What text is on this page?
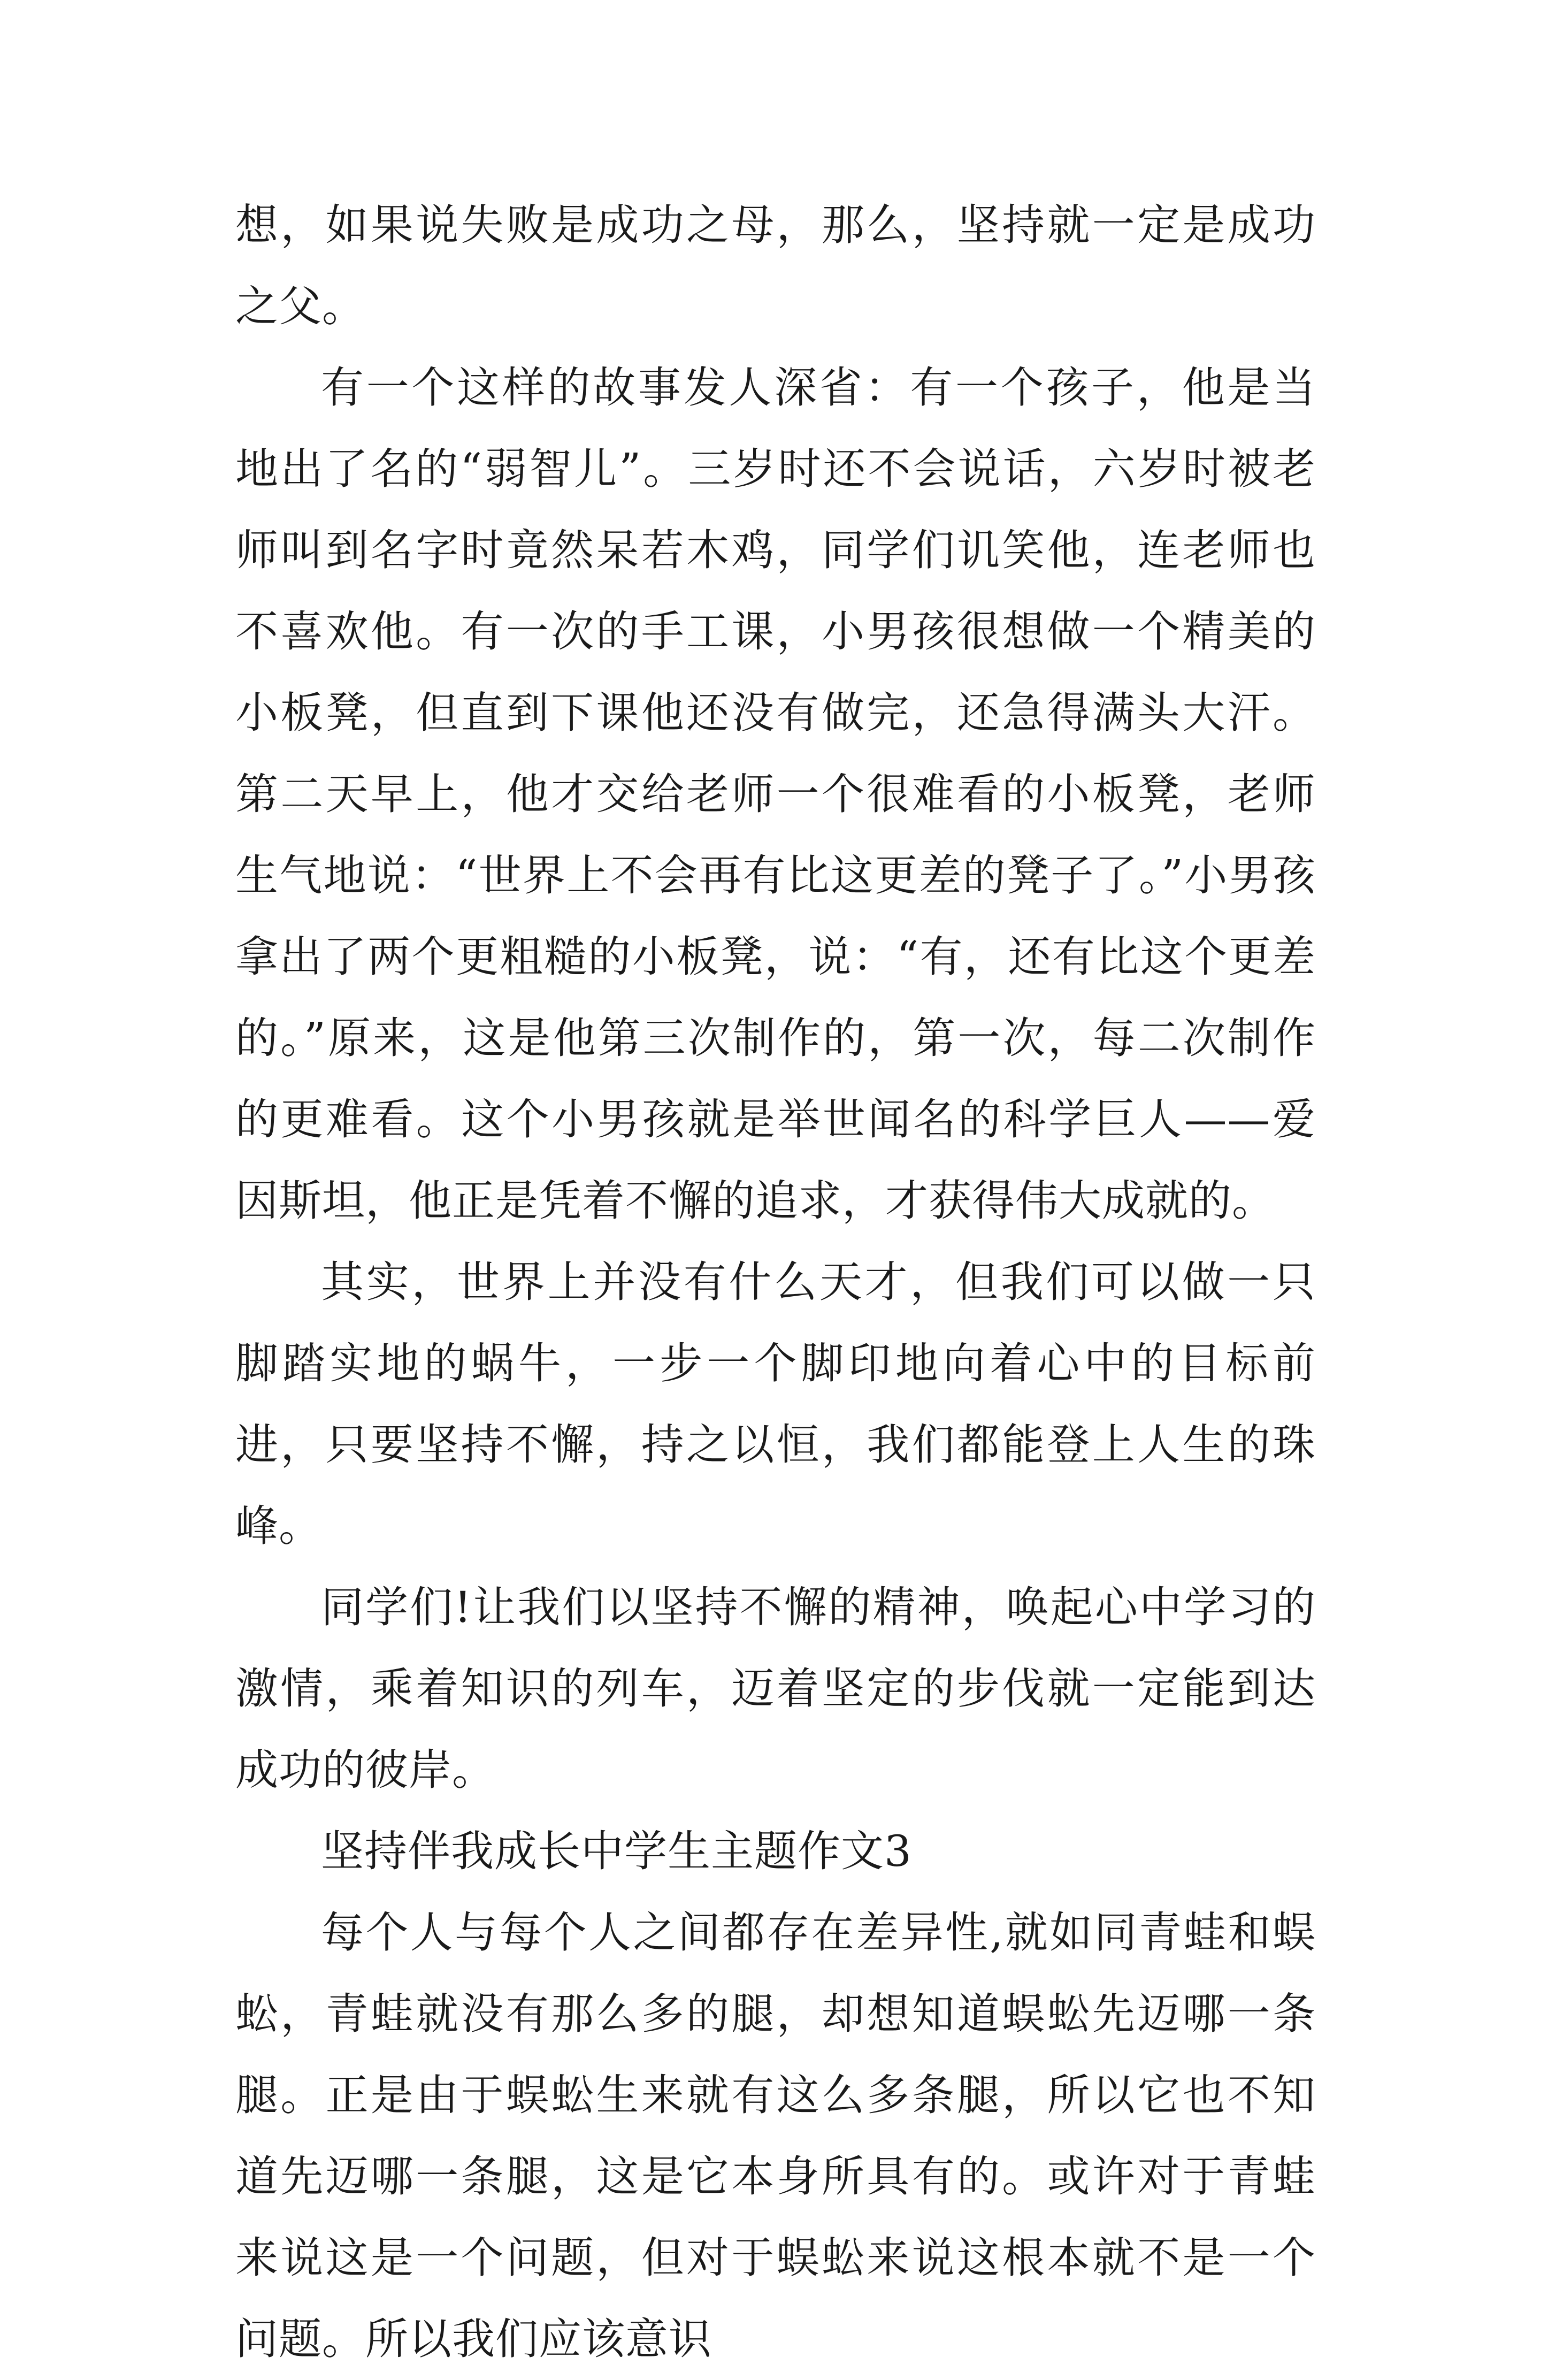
想，如果说失败是成功之母，那么，坚持就一定是成功之父。

有一个这样的故事发人深省：有一个孩子，他是当地出了名的“弱智儿”。三岁时还不会说话，六岁时被老师叫到名字时竟然呆若木鸡，同学们讥笑他，连老师也不喜欢他。有一次的手工课，小男孩很想做一个精美的小板凳，但直到下课他还没有做完，还急得满头大汗。第二天早上，他才交给老师一个很难看的小板凳，老师生气地说：“世界上不会再有比这更差的凳子了。”小男孩拿出了两个更粗糙的小板凳，说：“有，还有比这个更差的。”原来，这是他第三次制作的，第一次，每二次制作的更难看。这个小男孩就是举世闻名的科学巨人——爱因斯坦，他正是凭着不懈的追求，才获得伟大成就的。

其实，世界上并没有什么天才，但我们可以做一只脚踏实地的蜗牛，一步一个脚印地向着心中的目标前进，只要坚持不懈，持之以恒，我们都能登上人生的珠峰。

同学们!让我们以坚持不懈的精神，唤起心中学习的激情，乘着知识的列车，迈着坚定的步伐就一定能到达成功的彼岸。

坚持伴我成长中学生主题作文3

每个人与每个人之间都存在差异性,就如同青蛙和蜈蚣，青蛙就没有那么多的腿，却想知道蜈蚣先迈哪一条腿。正是由于蜈蚣生来就有这么多条腿，所以它也不知道先迈哪一条腿，这是它本身所具有的。或许对于青蛙来说这是一个问题，但对于蜈蚣来说这根本就不是一个问题。所以我们应该意识
